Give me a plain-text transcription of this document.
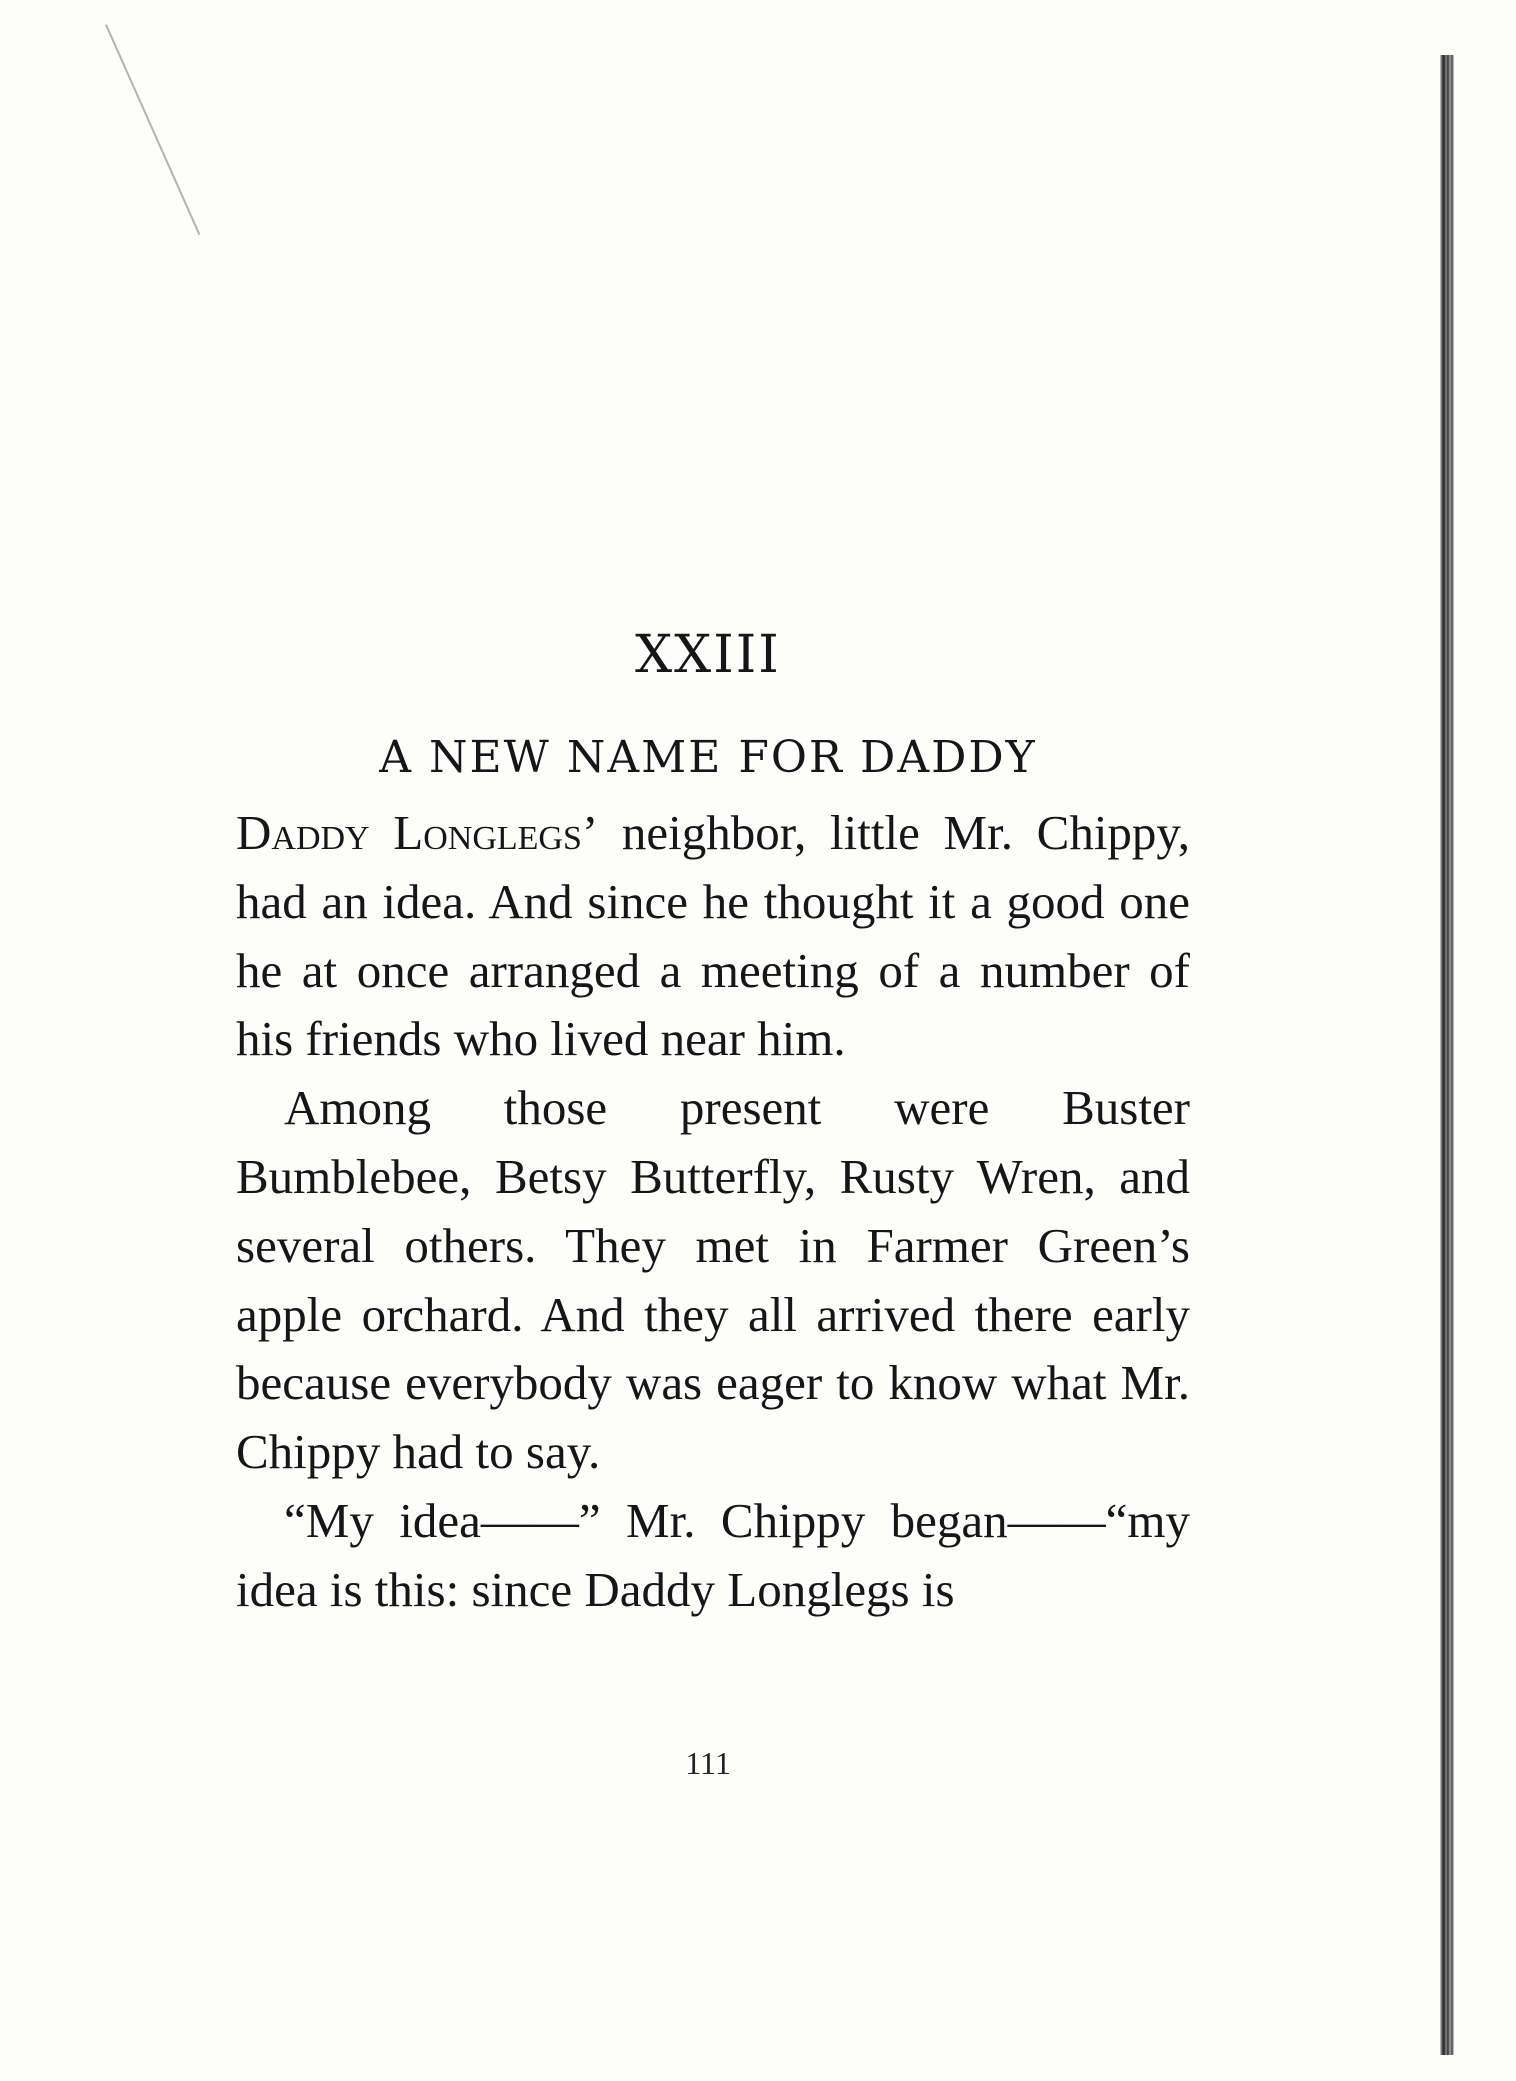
XXIII
A NEW NAME FOR DADDY

Daddy Longlegs’ neighbor, little Mr. Chippy, had an idea. And since he thought it a good one he at once arranged a meeting of a number of his friends who lived near him.

Among those present were Buster Bumblebee, Betsy Butterfly, Rusty Wren, and several others. They met in Farmer Green’s apple orchard. And they all arrived there early because everybody was eager to know what Mr. Chippy had to say.

“My idea——” Mr. Chippy began——“my idea is this: since Daddy Longlegs is

111
